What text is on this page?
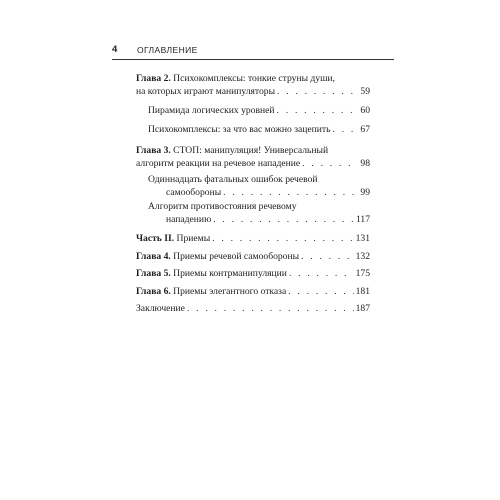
4 ОГЛАВЛЕНИЕ
Глава 2. Психокомплексы: тонкие струны души,
на которых играют манипуляторы . . .	59
Пирамида логических уровней . . .	60
Психокомплексы: за что вас можно зацепить . . .	67
Глава 3. СТОП: манипуляция! Универсальный
алгоритм реакции на речевое нападение . . .	98
Одиннадцать фатальных ошибок речевой
самообороны . . .	99
Алгоритм противостояния речевому
нападению . . .	117
Часть II. Приемы . . .	131
Глава 4. Приемы речевой самообороны . . .	132
Глава 5. Приемы контрманипуляции . . .	175
Глава 6. Приемы элегантного отказа . . .	181
Заключение . . .	187
